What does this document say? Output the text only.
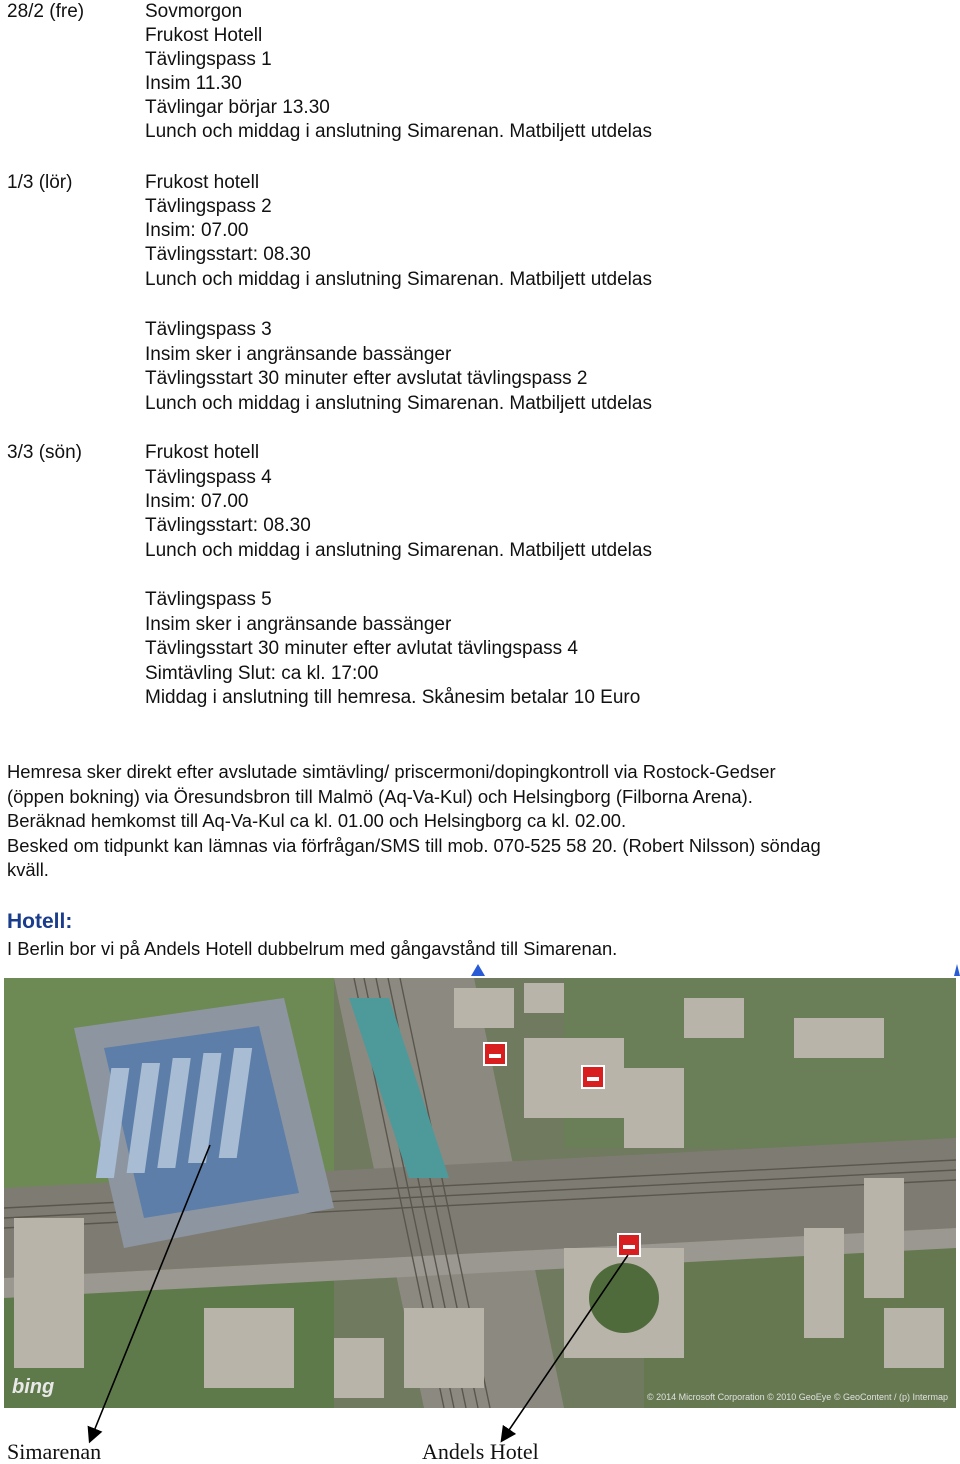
28/2 (fre)	Sovmorgon
Frukost Hotell
Tävlingspass 1
Insim 11.30
Tävlingar börjar 13.30
Lunch och middag i anslutning Simarenan. Matbiljett utdelas
1/3 (lör)	Frukost hotell
Tävlingspass 2
Insim: 07.00
Tävlingsstart: 08.30
Lunch och middag i anslutning Simarenan. Matbiljett utdelas
Tävlingspass 3
Insim sker i angränsande bassänger
Tävlingsstart 30 minuter efter avslutat tävlingspass 2
Lunch och middag i anslutning Simarenan. Matbiljett utdelas
3/3 (sön)	Frukost hotell
Tävlingspass 4
Insim: 07.00
Tävlingsstart: 08.30
Lunch och middag i anslutning Simarenan. Matbiljett utdelas
Tävlingspass 5
Insim sker i angränsande bassänger
Tävlingsstart 30 minuter efter avlutat tävlingspass 4
Simtävling Slut: ca kl. 17:00
Middag i anslutning till hemresa. Skånesim betalar 10 Euro
Hemresa sker direkt efter avslutade simtävling/ priscermoni/dopingkontroll via Rostock-Gedser
(öppen bokning) via Öresundsbron till Malmö (Aq-Va-Kul) och Helsingborg (Filborna Arena).
Beräknad hemkomst till Aq-Va-Kul ca kl. 01.00 och Helsingborg ca kl. 02.00.
Besked om tidpunkt kan lämnas via förfrågan/SMS till mob. 070-525 58 20. (Robert Nilsson) söndag
kväll.
Hotell:
I Berlin bor vi på Andels Hotell dubbelrum med gångavstånd till Simarenan.
bing	© 2014 Microsoft Corporation © 2010 GeoEye © GeoContent / (p) Intermap
Simarenan	Andels Hotel
